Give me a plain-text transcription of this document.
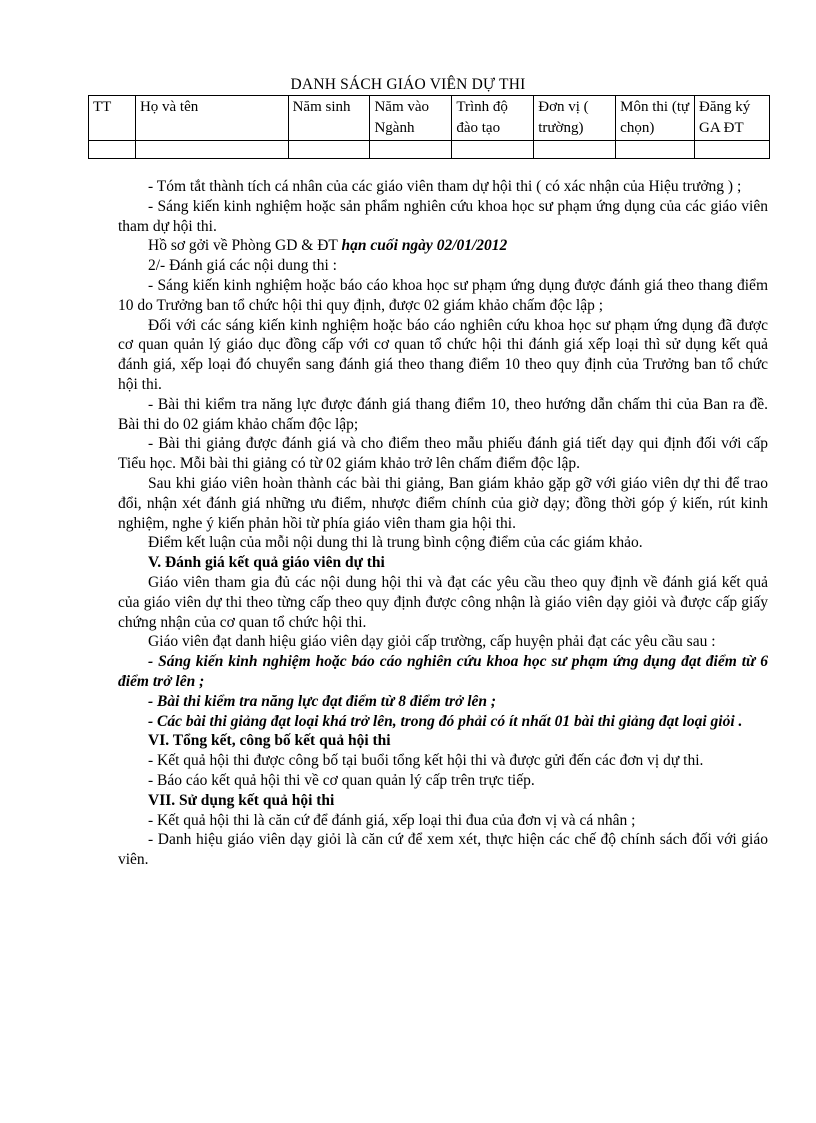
DANH SÁCH GIÁO VIÊN DỰ THI
TT	Họ và tên	Năm sinh	Năm vào Ngành	Trình độ đào tạo	Đơn vị ( trường)	Môn thi (tự chọn)	Đăng ký GA ĐT

- Tóm tắt thành tích cá nhân của các giáo viên tham dự hội thi ( có xác nhận của Hiệu trưởng ) ;

- Sáng kiến kinh nghiệm hoặc sản phẩm nghiên cứu khoa học sư phạm ứng dụng của các giáo viên tham dự hội thi.

Hồ sơ gởi về Phòng GD & ĐT hạn cuối ngày 02/01/2012

2/- Đánh giá các nội dung thi :

- Sáng kiến kinh nghiệm hoặc báo cáo khoa học sư phạm ứng dụng được đánh giá theo thang điểm 10 do Trưởng ban tổ chức hội thi quy định, được 02 giám khảo chấm độc lập ;

Đối với các sáng kiến kinh nghiệm hoặc báo cáo nghiên cứu khoa học sư phạm ứng dụng đã được cơ quan quản lý giáo dục đồng cấp với cơ quan tổ chức hội thi đánh giá xếp loại thì sử dụng kết quả đánh giá, xếp loại đó chuyển sang đánh giá theo thang điểm 10 theo quy định của Trưởng ban tổ chức hội thi.

- Bài thi kiểm tra năng lực được đánh giá thang điểm 10, theo hướng dẫn chấm thi của Ban ra đề. Bài thi do 02 giám khảo chấm độc lập;

- Bài thi giảng được đánh giá và cho điểm theo mẫu phiếu đánh giá tiết dạy qui định đối với cấp Tiểu học. Mỗi bài thi giảng có từ 02 giám khảo trở lên chấm điểm độc lập.

Sau khi giáo viên hoàn thành các bài thi giảng, Ban giám khảo gặp gỡ với giáo viên dự thi để trao đổi, nhận xét đánh giá những ưu điểm, nhược điểm chính của giờ dạy; đồng thời góp ý kiến, rút kinh nghiệm, nghe ý kiến phản hồi từ phía giáo viên tham gia hội thi.

Điểm kết luận của mỗi nội dung thi là trung bình cộng điểm của các giám khảo.

V. Đánh giá kết quả giáo viên dự thi

Giáo viên tham gia đủ các nội dung hội thi và đạt các yêu cầu theo quy định về đánh giá kết quả của giáo viên dự thi theo từng cấp theo quy định được công nhận là giáo viên dạy giỏi và được cấp giấy chứng nhận của cơ quan tổ chức hội thi.

Giáo viên đạt danh hiệu giáo viên dạy giỏi cấp trường, cấp huyện phải đạt các yêu cầu sau :

- Sáng kiến kinh nghiệm hoặc báo cáo nghiên cứu khoa học sư phạm ứng dụng đạt điểm từ 6 điểm trở lên ;

- Bài thi kiểm tra năng lực đạt điểm từ 8 điểm trở lên ;

- Các bài thi giảng đạt loại khá trở lên, trong đó phải có ít nhất 01 bài thi giảng đạt loại giỏi .

VI. Tổng kết, công bố kết quả hội thi

- Kết quả hội thi được công bố tại buổi tổng kết hội thi và được gửi đến các đơn vị dự thi.

- Báo cáo kết quả hội thi về cơ quan quản lý cấp trên trực tiếp.

VII. Sử dụng kết quả hội thi

- Kết quả hội thi là căn cứ để đánh giá, xếp loại thi đua của đơn vị và cá nhân ;

- Danh hiệu giáo viên dạy giỏi là căn cứ để xem xét, thực hiện các chế độ chính sách đối với giáo viên.
